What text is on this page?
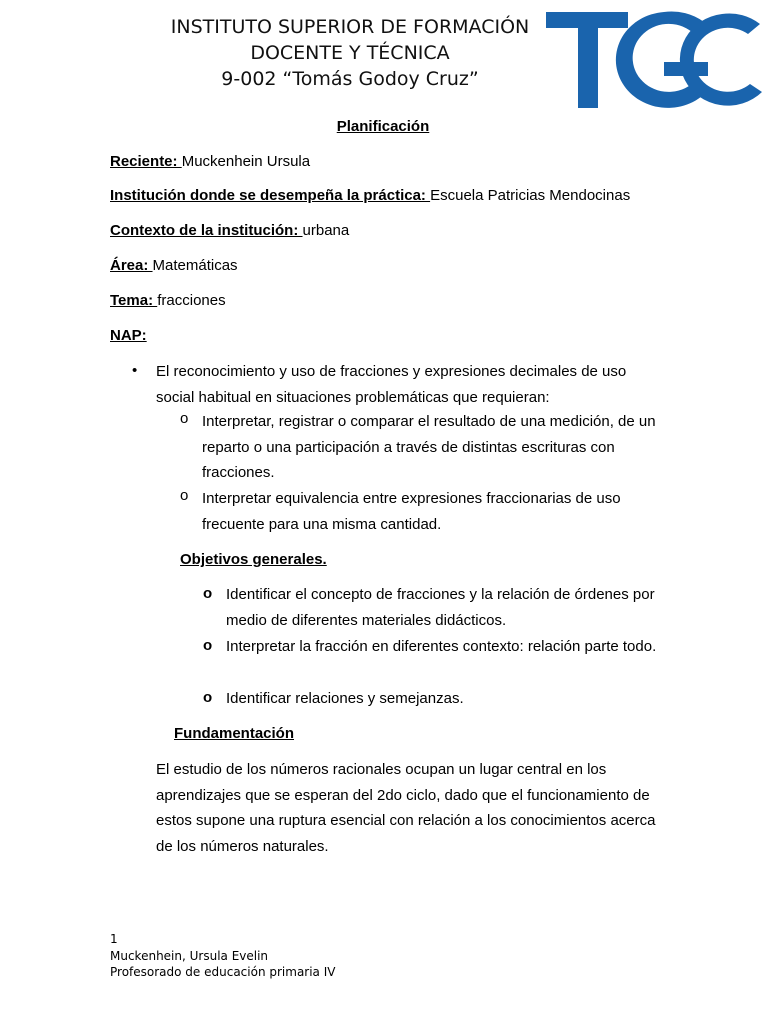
INSTITUTO SUPERIOR DE FORMACIÓN
DOCENTE Y TÉCNICA
9-002 “Tomás Godoy Cruz”
Planificación
Reciente: Muckenhein Ursula
Institución donde se desempeña la práctica: Escuela Patricias Mendocinas
Contexto de la institución: urbana
Área: Matemáticas
Tema: fracciones
NAP:
• El reconocimiento y uso de fracciones y expresiones decimales de uso social habitual en situaciones problemáticas que requieran:
o Interpretar, registrar o comparar el resultado de una medición, de un reparto o una participación a través de distintas escrituras con fracciones.
o Interpretar equivalencia entre expresiones fraccionarias de uso frecuente para una misma cantidad.
Objetivos generales.
o Identificar el concepto de fracciones y la relación de órdenes por medio de diferentes materiales didácticos.
o Interpretar la fracción en diferentes contexto: relación parte todo.
o Identificar relaciones y semejanzas.
Fundamentación
El estudio de los números racionales ocupan un lugar central en los aprendizajes que se esperan del 2do ciclo, dado que el funcionamiento de estos supone una ruptura esencial con relación a los conocimientos acerca de los números naturales.
1
Muckenhein, Ursula Evelin
Profesorado de educación primaria IV
